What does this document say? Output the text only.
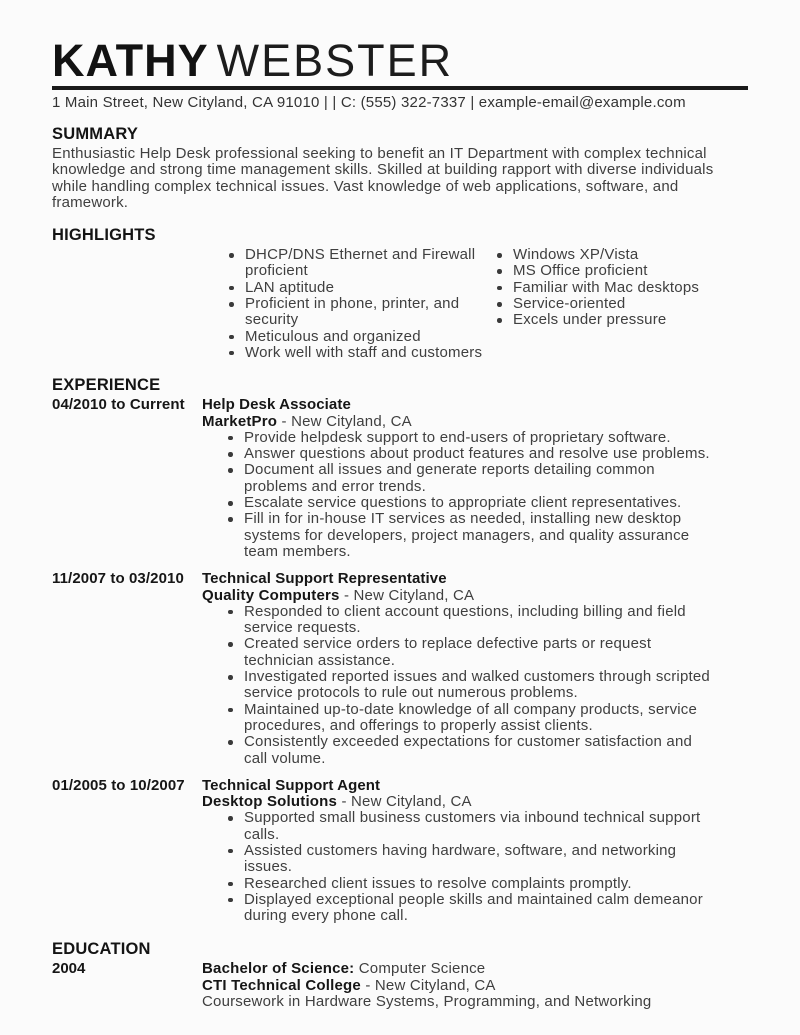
KATHY WEBSTER
1 Main Street, New Cityland, CA 91010 | | C: (555) 322-7337 | example-email@example.com
SUMMARY
Enthusiastic Help Desk professional seeking to benefit an IT Department with complex technical knowledge and strong time management skills. Skilled at building rapport with diverse individuals while handling complex technical issues. Vast knowledge of web applications, software, and framework.
HIGHLIGHTS
DHCP/DNS Ethernet and Firewall proficient
LAN aptitude
Proficient in phone, printer, and security
Meticulous and organized
Work well with staff and customers
Windows XP/Vista
MS Office proficient
Familiar with Mac desktops
Service-oriented
Excels under pressure
EXPERIENCE
04/2010 to Current	Help Desk Associate
MarketPro - New Cityland, CA
Provide helpdesk support to end-users of proprietary software.
Answer questions about product features and resolve use problems.
Document all issues and generate reports detailing common problems and error trends.
Escalate service questions to appropriate client representatives.
Fill in for in-house IT services as needed, installing new desktop systems for developers, project managers, and quality assurance team members.
11/2007 to 03/2010	Technical Support Representative
Quality Computers - New Cityland, CA
Responded to client account questions, including billing and field service requests.
Created service orders to replace defective parts or request technician assistance.
Investigated reported issues and walked customers through scripted service protocols to rule out numerous problems.
Maintained up-to-date knowledge of all company products, service procedures, and offerings to properly assist clients.
Consistently exceeded expectations for customer satisfaction and call volume.
01/2005 to 10/2007	Technical Support Agent
Desktop Solutions - New Cityland, CA
Supported small business customers via inbound technical support calls.
Assisted customers having hardware, software, and networking issues.
Researched client issues to resolve complaints promptly.
Displayed exceptional people skills and maintained calm demeanor during every phone call.
EDUCATION
2004	Bachelor of Science: Computer Science
CTI Technical College - New Cityland, CA
Coursework in Hardware Systems, Programming, and Networking
